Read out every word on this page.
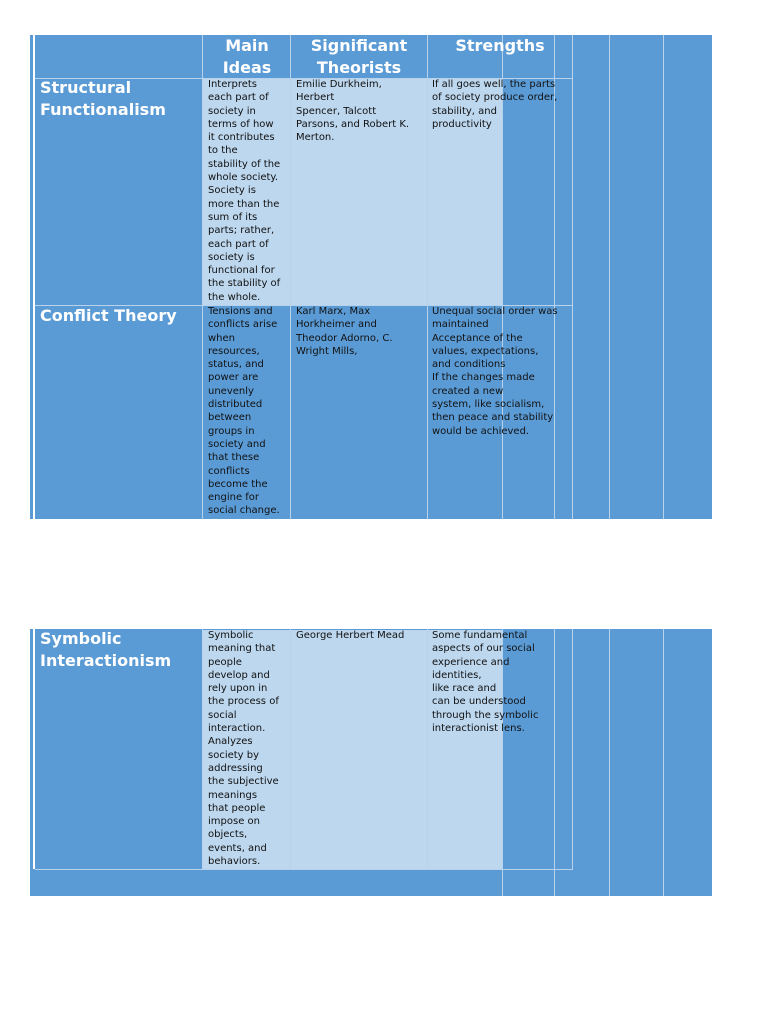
Main Ideas
Significant Theorists
Strengths
Structural Functionalism
Interprets
each part of
society in
terms of how
it contributes
to the
stability of the
whole society.
Society is
more than the
sum of its
parts; rather,
each part of
society is
functional for
the stability of
the whole.
Emilie Durkheim,
Herbert
Spencer, Talcott
Parsons, and Robert K.
Merton.
If all goes well, the parts
of society produce order,
stability, and
productivity
Conflict Theory	Tensions and
conflicts arise
when
resources,
status, and
power are
unevenly
distributed
between
groups in
society and
that these
conflicts
become the
engine for
social change.
Karl Marx, Max
Horkheimer and
Theodor Adorno, C.
Wright Mills,
Unequal social order was
maintained
Acceptance of the
values, expectations,
and conditions
If the changes made
created a new
system, like socialism,
then peace and stability
would be achieved.
Symbolic Interactionism
Symbolic
meaning that
people
develop and
rely upon in
the process of
social
interaction.
Analyzes
society by
addressing
the subjective
meanings
that people
impose on
objects,
events, and
behaviors.
George Herbert Mead	Some fundamental
aspects of our social
experience and
identities,
like race and
can be understood
through the symbolic
interactionist lens.
